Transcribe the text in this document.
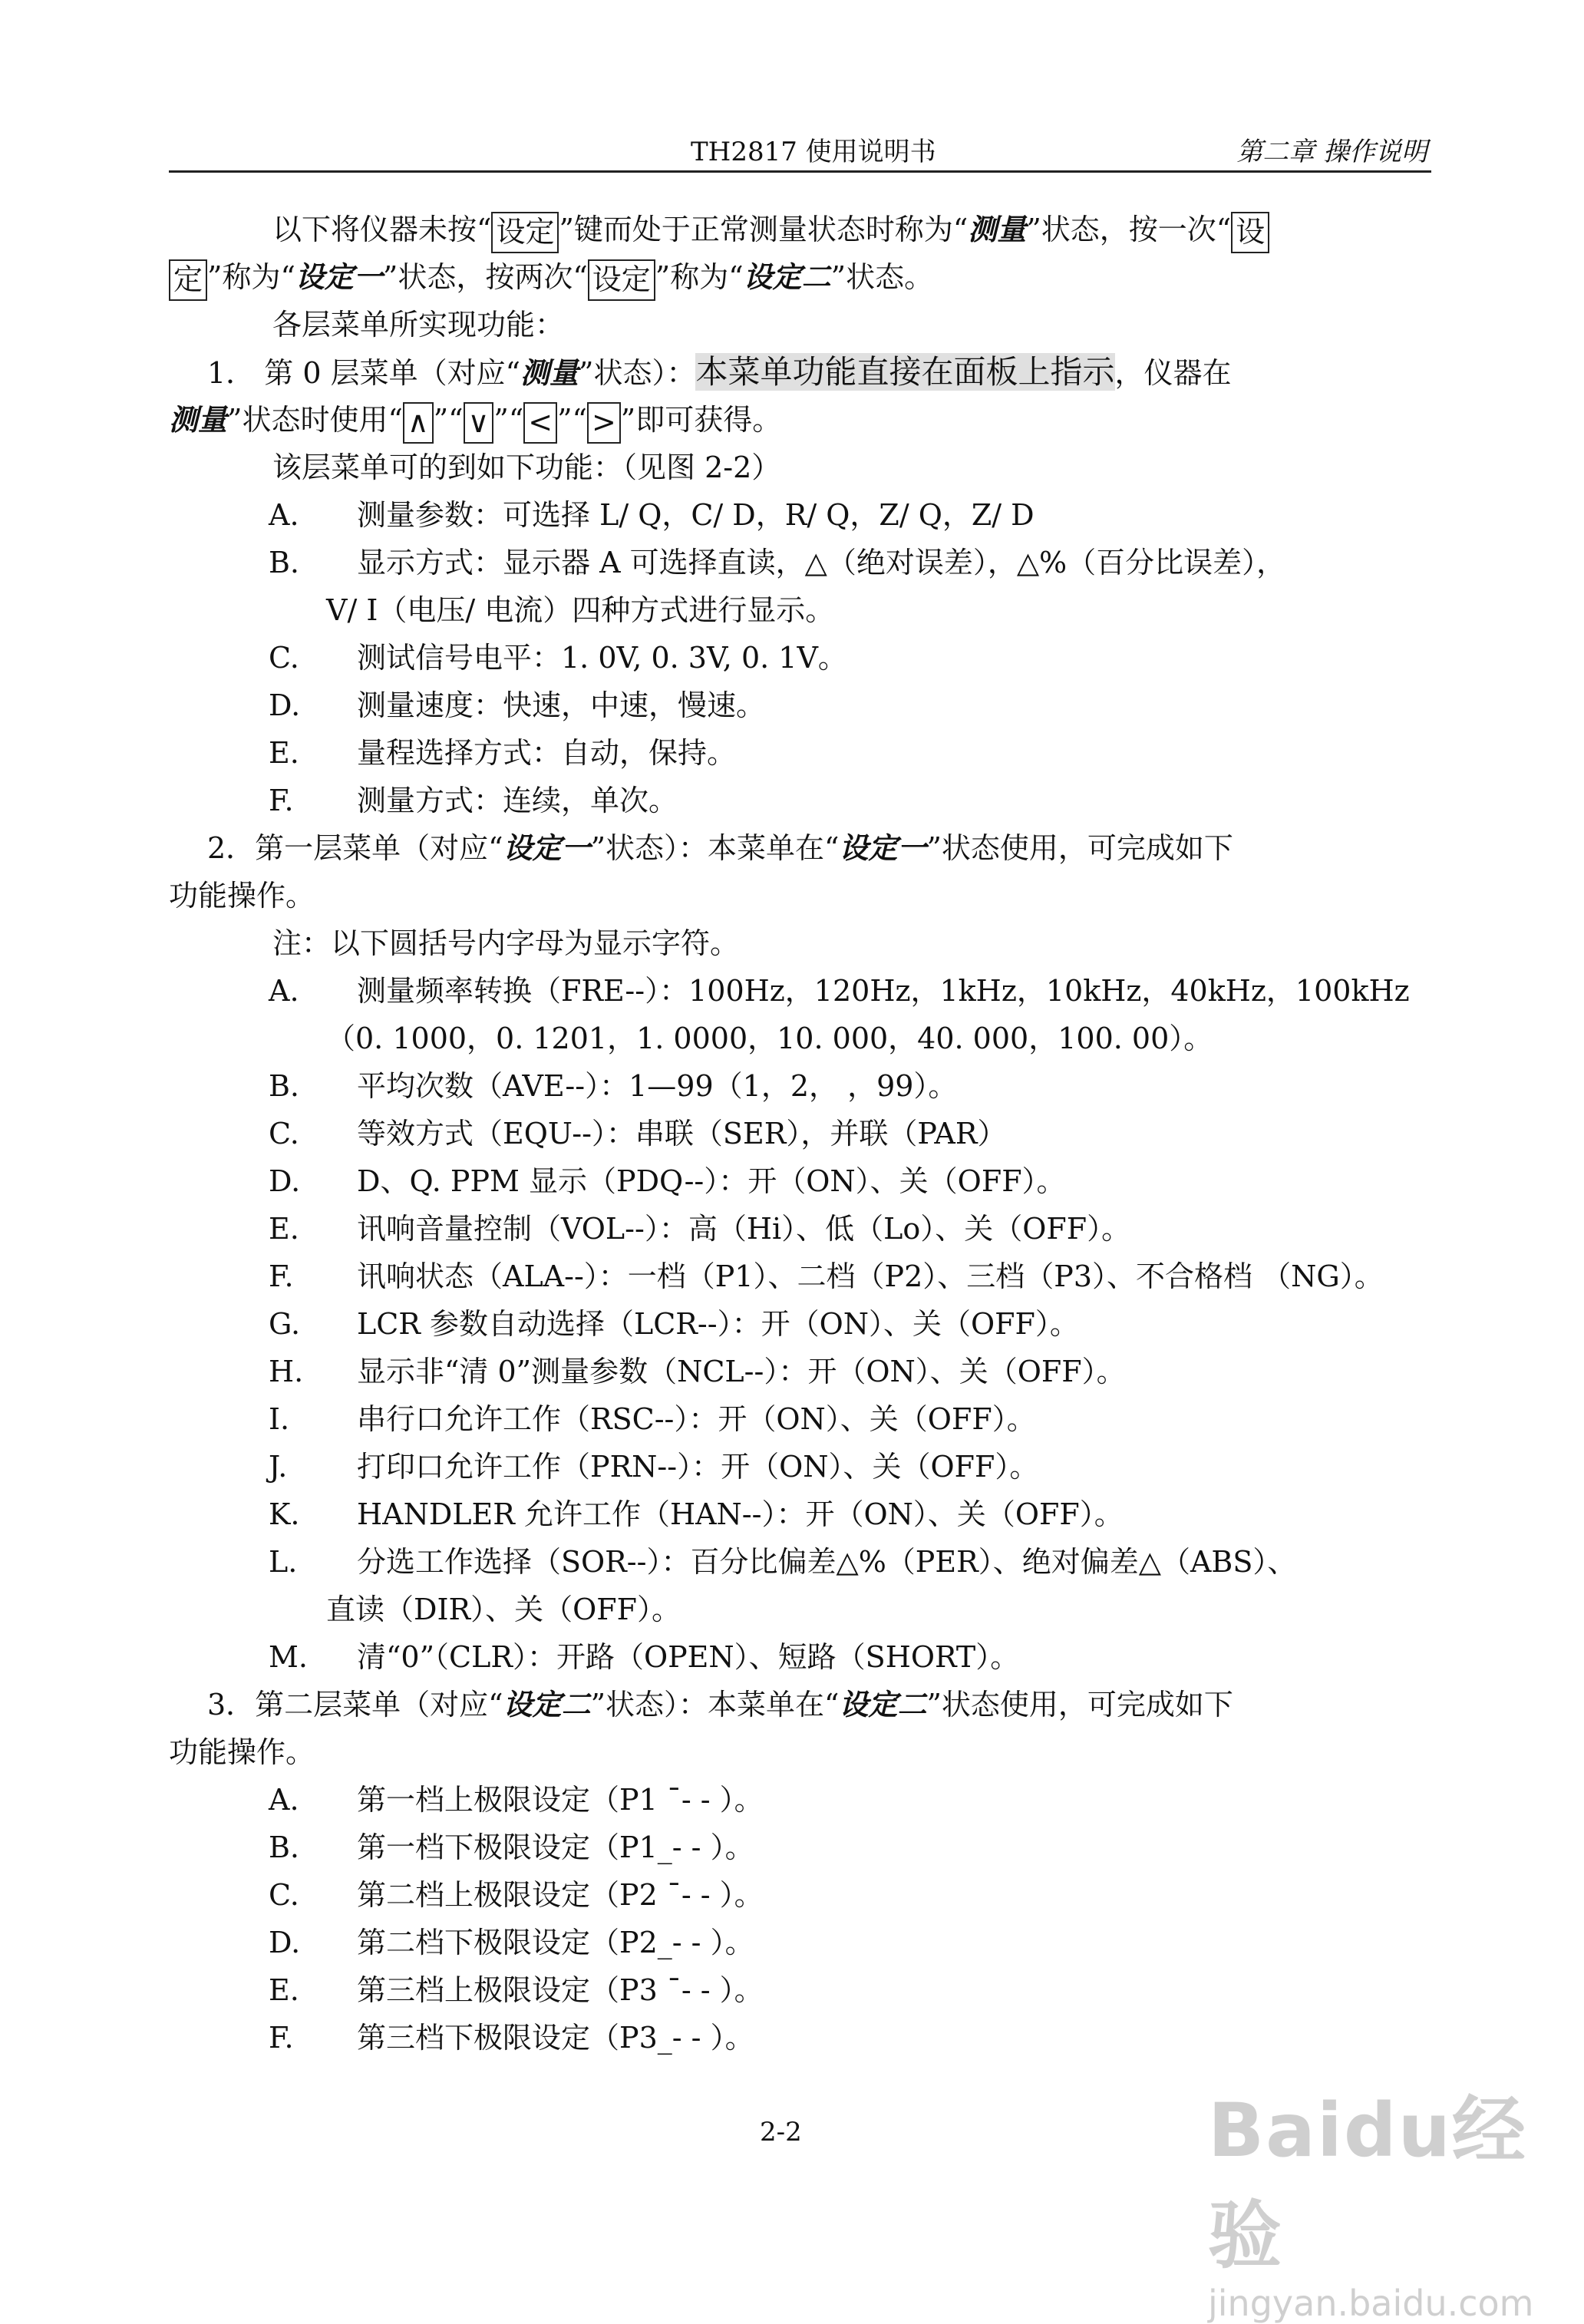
TH2817 使用说明书	第二章 操作说明
以下将仪器未按“ 设定 ”键而处于正常测量状态时称为“测量”状态，按一次“ 设
定 ”称为“设定一”状态，按两次“ 设定 ”称为“设定二”状态。
各层菜单所实现功能：
1． 第 0 层菜单（对应“测量”状态）：本菜单功能直接在面板上指示，仪器在
测量”状态时使用“ ∧ ”“ ∨ ”“ < ”“ > ”即可获得。
该层菜单可的到如下功能：（见图 2-2）
A. 测量参数：可选择 L/ Q，C/ D，R/ Q，Z/ Q，Z/ D
B. 显示方式：显示器 A 可选择直读，△（绝对误差），△%（百分比误差），
V/ I（电压/ 电流）四种方式进行显示。
C. 测试信号电平：1. 0V, 0. 3V, 0. 1V。
D. 测量速度：快速，中速，慢速。
E. 量程选择方式：自动，保持。
F. 测量方式：连续，单次。
2．第一层菜单（对应“设定一”状态）：本菜单在“设定一”状态使用，可完成如下
功能操作。
注：以下圆括号内字母为显示字符。
A. 测量频率转换（FRE--）：100Hz，120Hz，1kHz，10kHz，40kHz，100kHz
（0. 1000，0. 1201，1. 0000，10. 000，40. 000，100. 00）。
B. 平均次数（AVE--）：1—99（1，2， ，99）。
C. 等效方式（EQU--）：串联（SER），并联（PAR）
D. D、Q. PPM 显示（PDQ--）：开（ON）、关（OFF）。
E. 讯响音量控制（VOL--）：高（Hi）、低（Lo）、关（OFF）。
F. 讯响状态（ALA--）：一档（P1）、二档（P2）、三档（P3）、不合格档 （NG）。
G. LCR 参数自动选择（LCR--）：开（ON）、关（OFF）。
H. 显示非“清 0”测量参数（NCL--）：开（ON）、关（OFF）。
I. 串行口允许工作（RSC--）：开（ON）、关（OFF）。
J. 打印口允许工作（PRN--）：开（ON）、关（OFF）。
K. HANDLER 允许工作（HAN--）：开（ON）、关（OFF）。
L. 分选工作选择（SOR--）：百分比偏差△%（PER）、绝对偏差△（ABS）、
直读（DIR）、关（OFF）。
M. 清“0”（CLR）：开路（OPEN）、短路（SHORT）。
3．第二层菜单（对应“设定二”状态）：本菜单在“设定二”状态使用，可完成如下
功能操作。
A. 第一档上极限设定（P1 ¯- - ）。
B. 第一档下极限设定（P1_- - ）。
C. 第二档上极限设定（P2 ¯- - ）。
D. 第二档下极限设定（P2_- - ）。
E. 第三档上极限设定（P3 ¯- - ）。
F. 第三档下极限设定（P3_- - ）。
2-2	Baidu经验
jingyan.baidu.com
